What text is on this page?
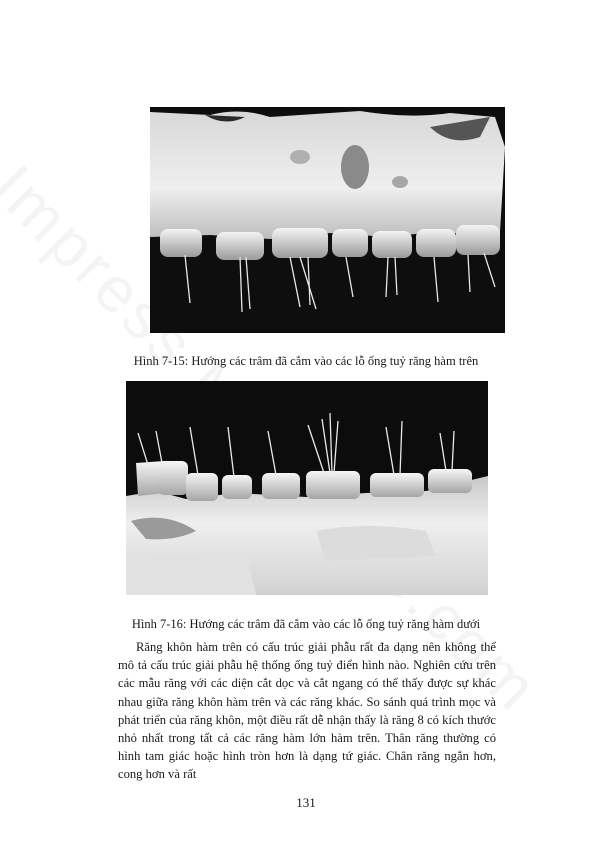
Hình 7-15: Hướng các trâm đã cắm vào các lỗ ống tuỷ răng hàm trên
Hình 7-16: Hướng các trâm đã cắm vào các lỗ ống tuỷ răng hàm dưới

Răng khôn hàm trên có cấu trúc giải phẫu rất đa dạng nên không thể mô tả cấu trúc giải phẫu hệ thống ống tuỷ điển hình nào. Nghiên cứu trên các mẫu răng với các diện cắt dọc và cắt ngang có thể thấy được sự khác nhau giữa răng khôn hàm trên và các răng khác. So sánh quá trình mọc và phát triển của răng khôn, một điều rất dễ nhận thấy là răng 8 có kích thước nhỏ nhất trong tất cả các răng hàm lớn hàm trên. Thân răng thường có hình tam giác hoặc hình tròn hơn là dạng tứ giác. Chân răng ngắn hơn, cong hơn và rất

131
